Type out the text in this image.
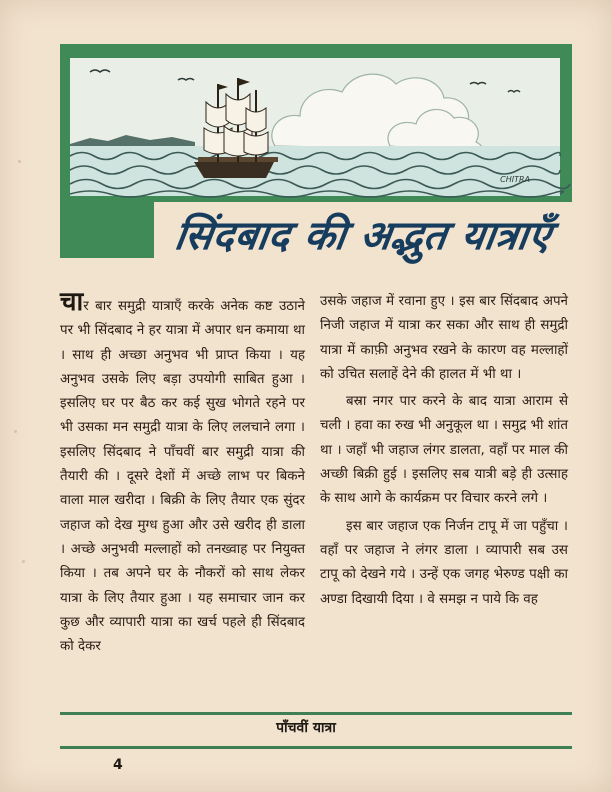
CHITRA
सिंदबाद की अद्भुत यात्राएँ

चार बार समुद्री यात्राएँ करके अनेक कष्ट उठाने पर भी सिंदबाद ने हर यात्रा में अपार धन कमाया था । साथ ही अच्छा अनुभव भी प्राप्त किया । यह अनुभव उसके लिए बड़ा उपयोगी साबित हुआ । इसलिए घर पर बैठ कर कई सुख भोगते रहने पर भी उसका मन समुद्री यात्रा के लिए ललचाने लगा । इसलिए सिंदबाद ने पाँचवीं बार समुद्री यात्रा की तैयारी की । दूसरे देशों में अच्छे लाभ पर बिकने वाला माल खरीदा । बिक्री के लिए तैयार एक सुंदर जहाज को देख मुग्ध हुआ और उसे खरीद ही डाला । अच्छे अनुभवी मल्लाहों को तनख्वाह पर नियुक्त किया । तब अपने घर के नौकरों को साथ लेकर यात्रा के लिए तैयार हुआ । यह समाचार जान कर कुछ और व्यापारी यात्रा का खर्च पहले ही सिंदबाद को देकर

उसके जहाज में रवाना हुए । इस बार सिंदबाद अपने निजी जहाज में यात्रा कर सका और साथ ही समुद्री यात्रा में काफ़ी अनुभव रखने के कारण वह मल्लाहों को उचित सलाहें देने की हालत में भी था ।

बस्रा नगर पार करने के बाद यात्रा आराम से चली । हवा का रुख भी अनुकूल था । समुद्र भी शांत था । जहाँ भी जहाज लंगर डालता, वहाँ पर माल की अच्छी बिक्री हुई । इसलिए सब यात्री बड़े ही उत्साह के साथ आगे के कार्यक्रम पर विचार करने लगे ।

इस बार जहाज एक निर्जन टापू में जा पहुँचा । वहाँ पर जहाज ने लंगर डाला । व्यापारी सब उस टापू को देखने गये । उन्हें एक जगह भेरुण्ड पक्षी का अण्डा दिखायी दिया । वे समझ न पाये कि वह

पाँचवीं यात्रा
4
